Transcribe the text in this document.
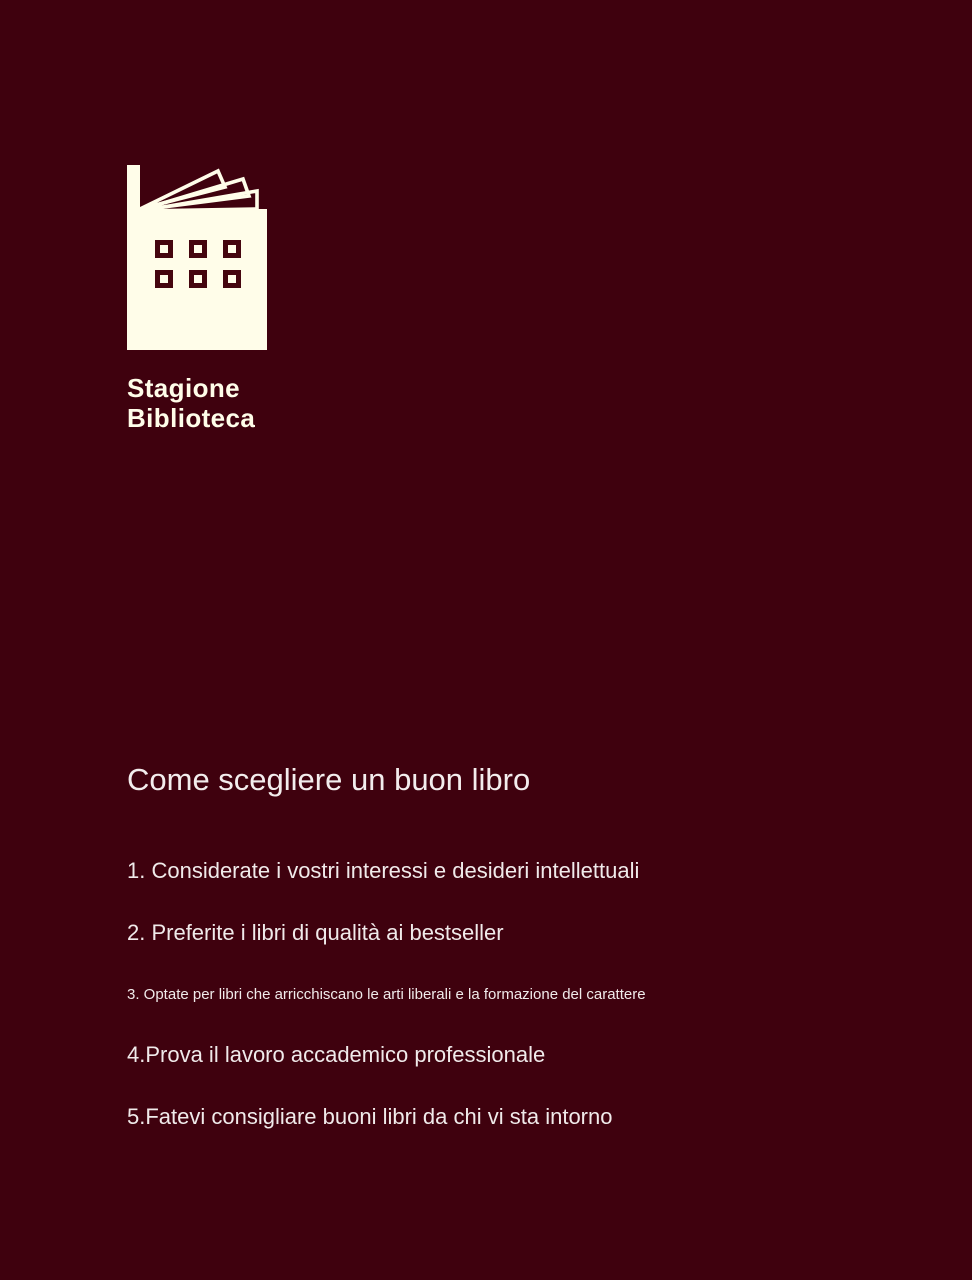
Stagione
Biblioteca
Come scegliere un buon libro
1. Considerate i vostri interessi e desideri intellettuali
2. Preferite i libri di qualità ai bestseller
3. Optate per libri che arricchiscano le arti liberali e la formazione del carattere
4.Prova il lavoro accademico professionale
5.Fatevi consigliare buoni libri da chi vi sta intorno
